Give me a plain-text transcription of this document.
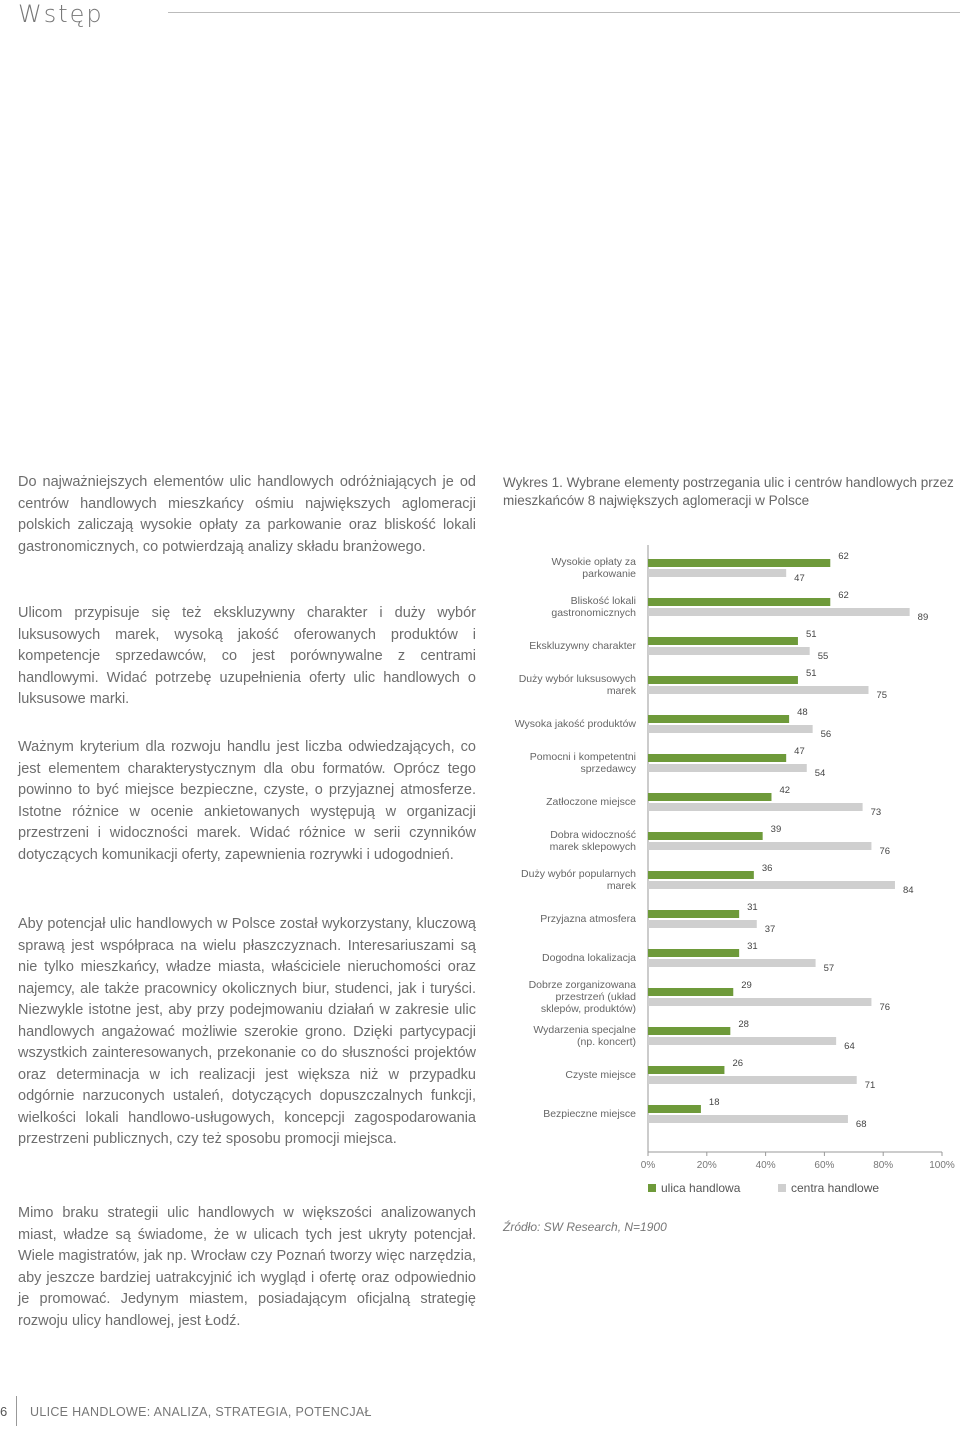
Wstęp

Do najważniejszych elementów ulic handlowych odróżniających je od centrów handlowych mieszkańcy ośmiu największych aglomeracji polskich zaliczają wysokie opłaty za parkowanie oraz bliskość lokali gastronomicznych, co potwierdzają analizy składu branżowego.

Ulicom przypisuje się też ekskluzywny charakter i duży wybór luksusowych marek, wysoką jakość oferowanych produktów i kompetencje sprzedawców, co jest porównywalne z centrami handlowymi. Widać potrzebę uzupełnienia oferty ulic handlowych o luksusowe marki.

Ważnym kryterium dla rozwoju handlu jest liczba odwiedzających, co jest elementem charakterystycznym dla obu formatów. Oprócz tego powinno to być miejsce bezpieczne, czyste, o przyjaznej atmosferze. Istotne różnice w ocenie ankietowanych występują w organizacji przestrzeni i widoczności marek. Widać różnice w serii czynników dotyczących komunikacji oferty, zapewnienia rozrywki i udogodnień.

Aby potencjał ulic handlowych w Polsce został wykorzystany, kluczową sprawą jest współpraca na wielu płaszczyznach. Interesariuszami są nie tylko mieszkańcy, władze miasta, właściciele nieruchomości oraz najemcy, ale także pracownicy okolicznych biur, studenci, jak i turyści. Niezwykle istotne jest, aby przy podejmowaniu działań w zakresie ulic handlowych angażować możliwie szerokie grono. Dzięki partycypacji wszystkich zainteresowanych, przekonanie co do słuszności projektów oraz determinacja w ich realizacji jest większa niż w przypadku odgórnie narzuconych ustaleń, dotyczących dopuszczalnych funkcji, wielkości lokali handlowo-usługowych, koncepcji zagospodarowania przestrzeni publicznych, czy też sposobu promocji miejsca.

Mimo braku strategii ulic handlowych w większości analizowanych miast, władze są świadome, że w ulicach tych jest ukryty potencjał. Wiele magistratów, jak np. Wrocław czy Poznań tworzy więc narzędzia, aby jeszcze bardziej uatrakcyjnić ich wygląd i ofertę oraz odpowiednio je promować. Jedynym miastem, posiadającym oficjalną strategię rozwoju ulicy handlowej, jest Łodź.

Wykres 1. Wybrane elementy postrzegania ulic i centrów handlowych przez mieszkańców 8 największych aglomeracji w Polsce
0%	20%	40%	60%	80%	100%
Wysokie opłaty za
parkowanie
62
47
Bliskość lokali
gastronomicznych
62
89
Ekskluzywny charakter
51
55
Duży wybór luksusowych
marek
51
75
Wysoka jakość produktów
48
56
Pomocni i kompetentni
sprzedawcy
47
54
Zatłoczone miejsce
42
73
Dobra widoczność
marek sklepowych
39
76
Duży wybór popularnych
marek
36
84
Przyjazna atmosfera
31
37
Dogodna lokalizacja
31
57
Dobrze zorganizowana
przestrzeń (układ
sklepów, produktów)
29
76
Wydarzenia specjalne
(np. koncert)
28
64
Czyste miejsce
26
71
Bezpieczne miejsce
18
68
ulica handlowa	centra handlowe
Źródło: SW Research, N=1900
6 ULICE HANDLOWE: ANALIZA, STRATEGIA, POTENCJAŁ
